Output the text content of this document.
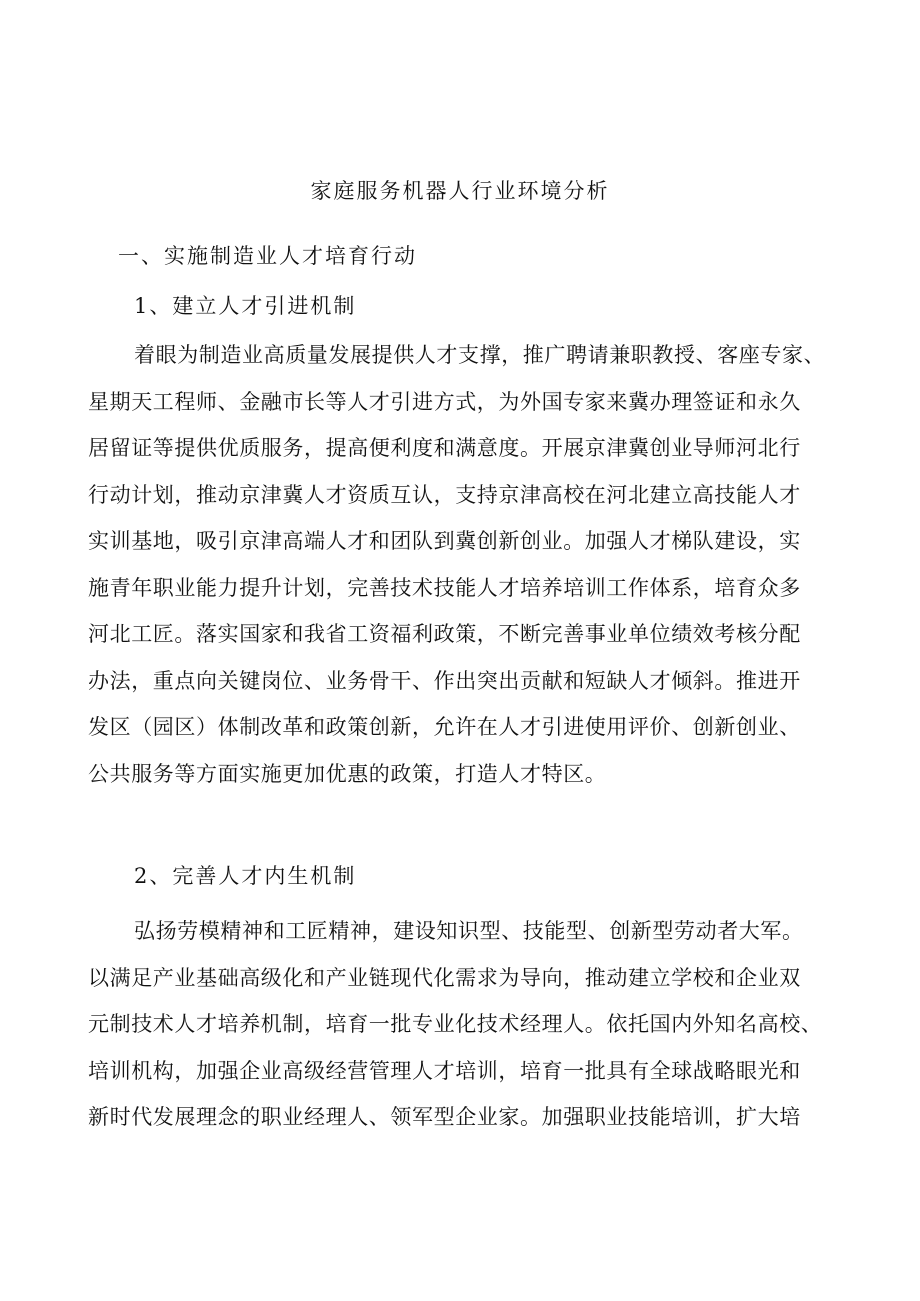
家庭服务机器人行业环境分析
一、实施制造业人才培育行动
1、建立人才引进机制
着眼为制造业高质量发展提供人才支撑，推广聘请兼职教授、客座专家、
星期天工程师、金融市长等人才引进方式，为外国专家来冀办理签证和永久
居留证等提供优质服务，提高便利度和满意度。开展京津冀创业导师河北行
行动计划，推动京津冀人才资质互认，支持京津高校在河北建立高技能人才
实训基地，吸引京津高端人才和团队到冀创新创业。加强人才梯队建设，实
施青年职业能力提升计划，完善技术技能人才培养培训工作体系，培育众多
河北工匠。落实国家和我省工资福利政策，不断完善事业单位绩效考核分配
办法，重点向关键岗位、业务骨干、作出突出贡献和短缺人才倾斜。推进开
发区（园区）体制改革和政策创新，允许在人才引进使用评价、创新创业、
公共服务等方面实施更加优惠的政策，打造人才特区。
2、完善人才内生机制
弘扬劳模精神和工匠精神，建设知识型、技能型、创新型劳动者大军。
以满足产业基础高级化和产业链现代化需求为导向，推动建立学校和企业双
元制技术人才培养机制，培育一批专业化技术经理人。依托国内外知名高校、
培训机构，加强企业高级经营管理人才培训，培育一批具有全球战略眼光和
新时代发展理念的职业经理人、领军型企业家。加强职业技能培训，扩大培
